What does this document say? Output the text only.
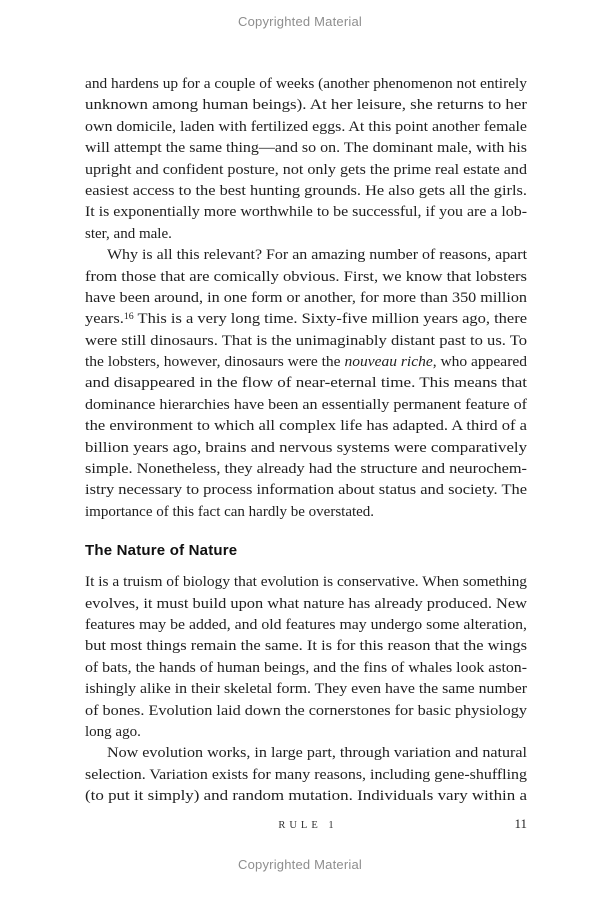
Copyrighted Material
and hardens up for a couple of weeks (another phenomenon not entirely
unknown among human beings). At her leisure, she returns to her
own domicile, laden with fertilized eggs. At this point another female
will attempt the same thing—and so on. The dominant male, with his
upright and confident posture, not only gets the prime real estate and
easiest access to the best hunting grounds. He also gets all the girls.
It is exponentially more worthwhile to be successful, if you are a lob-
ster, and male.
Why is all this relevant? For an amazing number of reasons, apart
from those that are comically obvious. First, we know that lobsters
have been around, in one form or another, for more than 350 million
years.$^{16}$ This is a very long time. Sixty-five million years ago, there
were still dinosaurs. That is the unimaginably distant past to us. To
the lobsters, however, dinosaurs were the nouveau riche, who appeared
and disappeared in the flow of near-eternal time. This means that
dominance hierarchies have been an essentially permanent feature of
the environment to which all complex life has adapted. A third of a
billion years ago, brains and nervous systems were comparatively
simple. Nonetheless, they already had the structure and neurochem-
istry necessary to process information about status and society. The
importance of this fact can hardly be overstated.
The Nature of Nature
It is a truism of biology that evolution is conservative. When something
evolves, it must build upon what nature has already produced. New
features may be added, and old features may undergo some alteration,
but most things remain the same. It is for this reason that the wings
of bats, the hands of human beings, and the fins of whales look aston-
ishingly alike in their skeletal form. They even have the same number
of bones. Evolution laid down the cornerstones for basic physiology
long ago.
Now evolution works, in large part, through variation and natural
selection. Variation exists for many reasons, including gene-shuffling
(to put it simply) and random mutation. Individuals vary within a
RULE 1	11
Copyrighted Material
